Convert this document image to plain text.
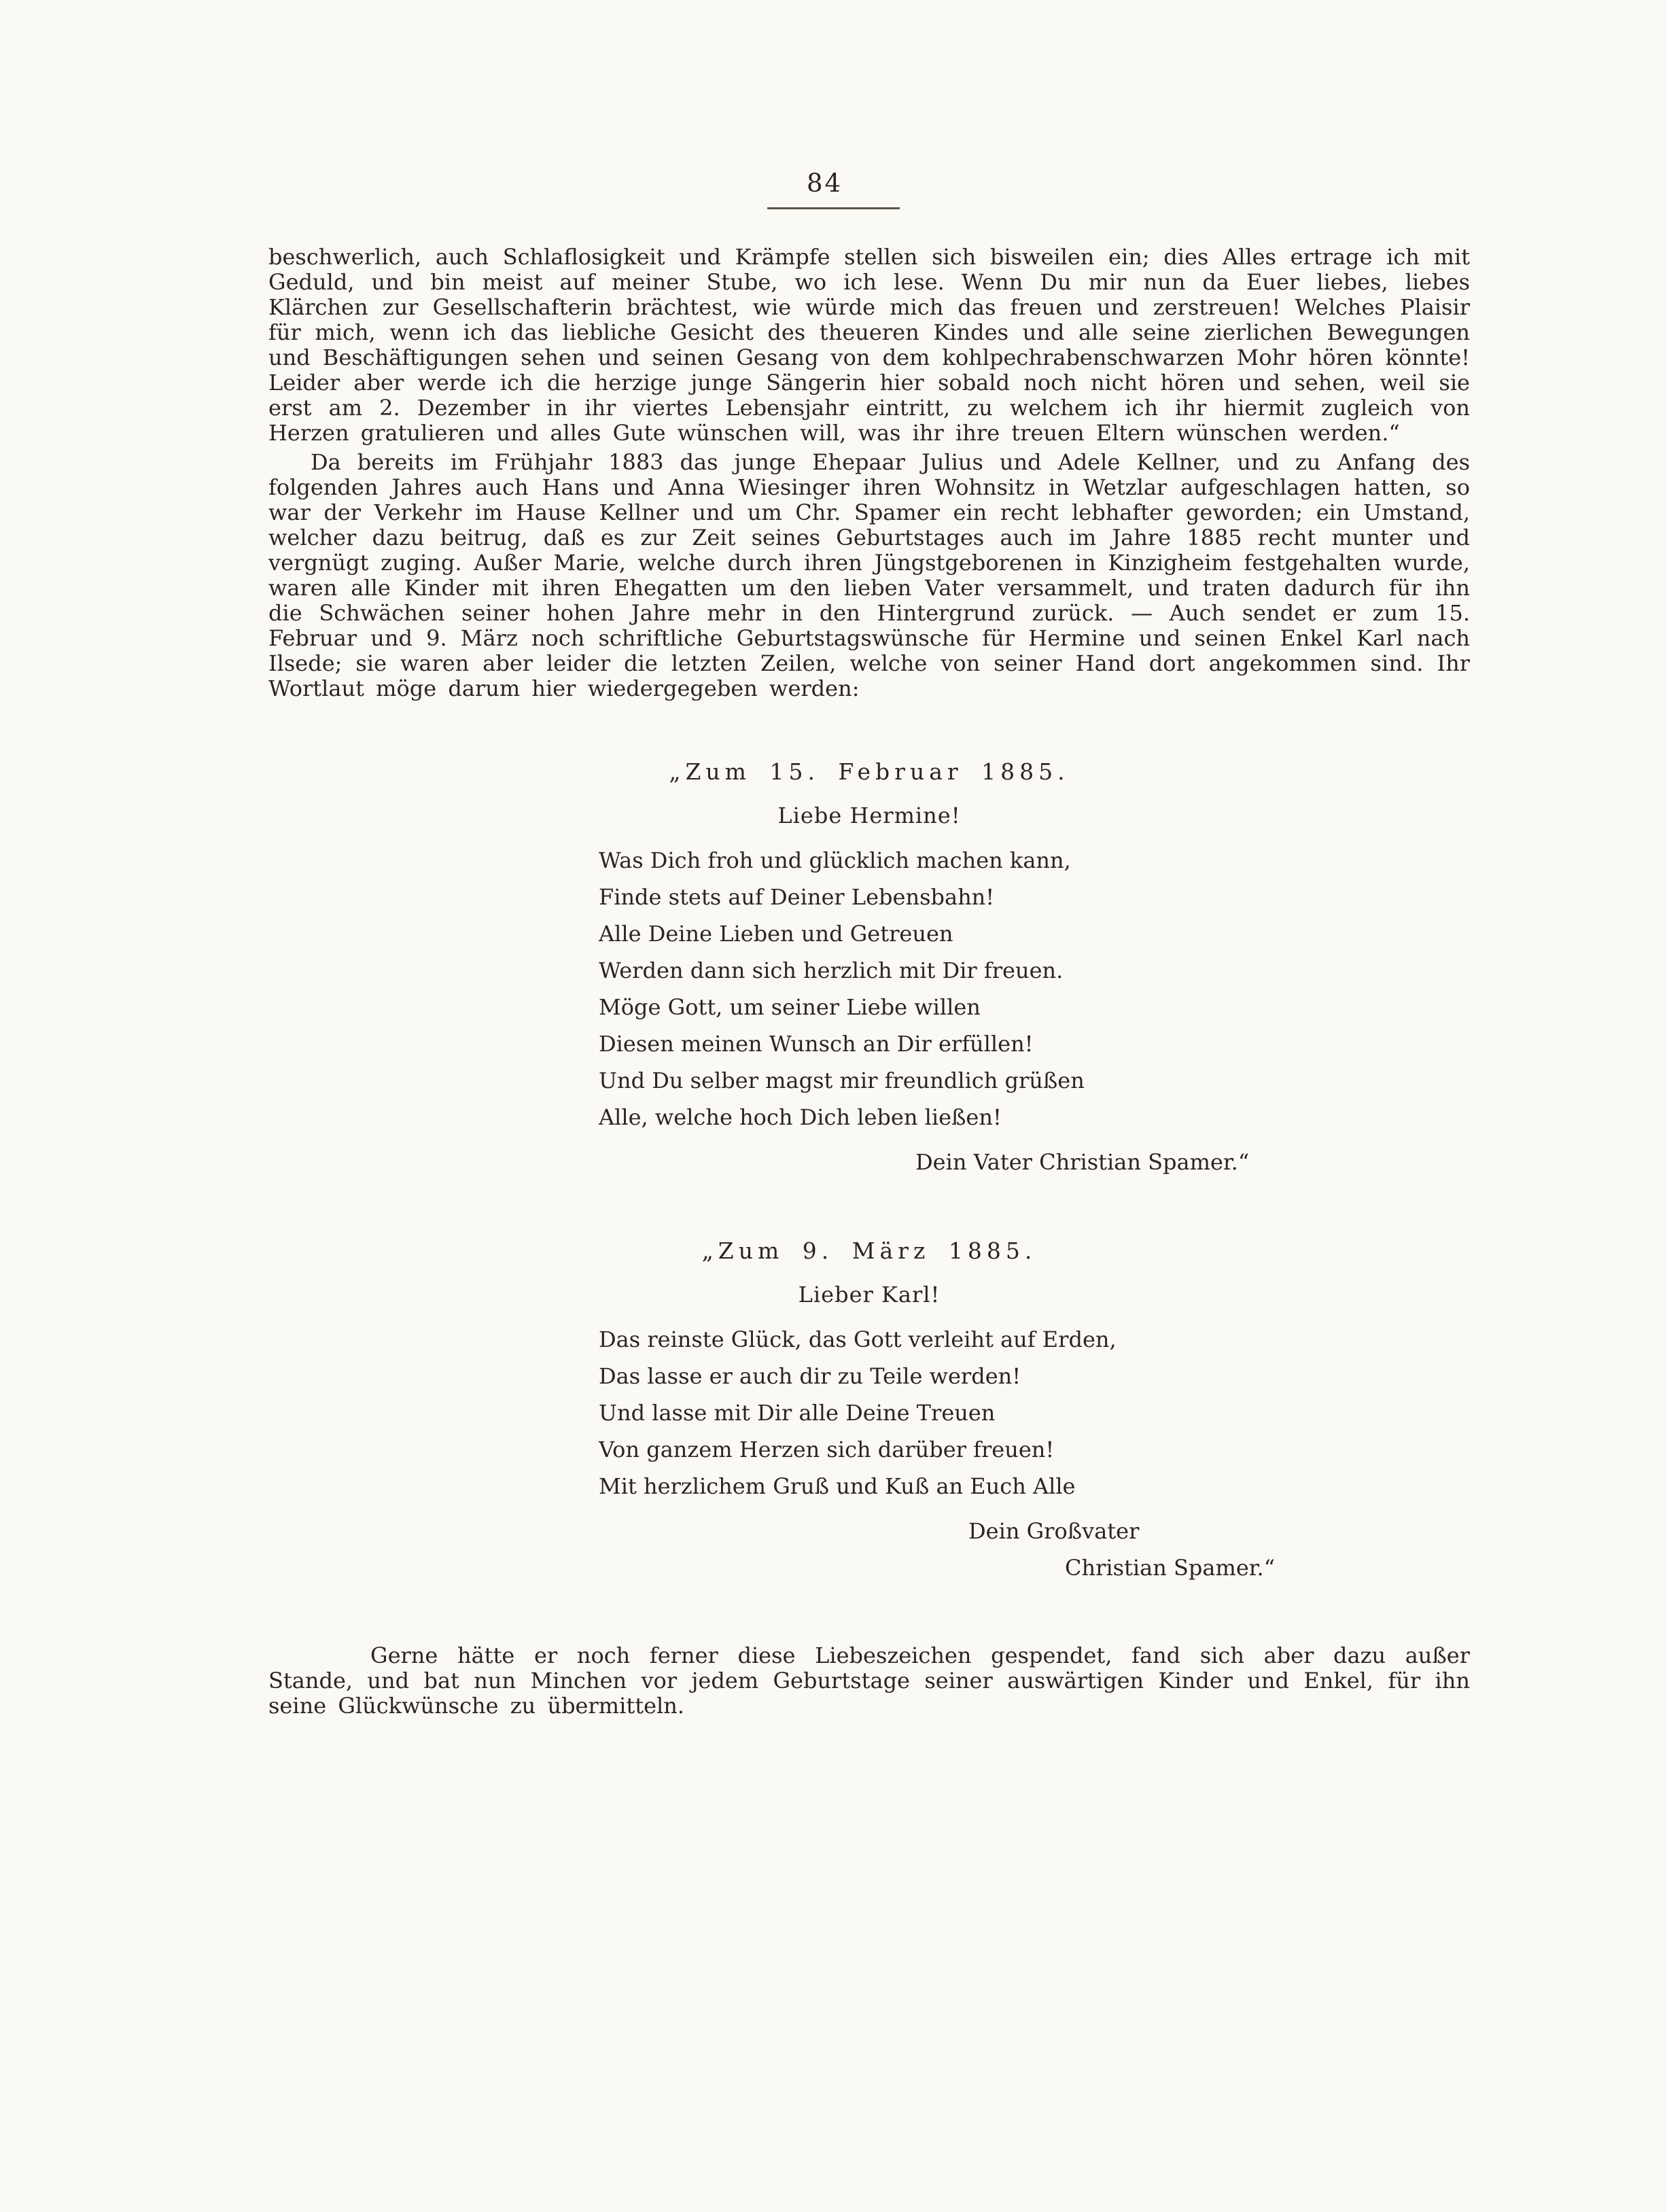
84

beschwerlich, auch Schlaflosigkeit und Krämpfe stellen sich bisweilen ein; dies Alles ertrage ich mit Geduld, und bin meist auf meiner Stube, wo ich lese. Wenn Du mir nun da Euer liebes, liebes Klärchen zur Gesellschafterin brächtest, wie würde mich das freuen und zerstreuen! Welches Plaisir für mich, wenn ich das liebliche Gesicht des theueren Kindes und alle seine zierlichen Bewegungen und Beschäftigungen sehen und seinen Gesang von dem kohlpechrabenschwarzen Mohr hören könnte! Leider aber werde ich die herzige junge Sängerin hier sobald noch nicht hören und sehen, weil sie erst am 2. Dezember in ihr viertes Lebensjahr eintritt, zu welchem ich ihr hiermit zugleich von Herzen gratulieren und alles Gute wünschen will, was ihr ihre treuen Eltern wünschen werden.“

Da bereits im Frühjahr 1883 das junge Ehepaar Julius und Adele Kellner, und zu Anfang des folgenden Jahres auch Hans und Anna Wiesinger ihren Wohnsitz in Wetzlar aufgeschlagen hatten, so war der Verkehr im Hause Kellner und um Chr. Spamer ein recht lebhafter geworden; ein Umstand, welcher dazu beitrug, daß es zur Zeit seines Geburtstages auch im Jahre 1885 recht munter und vergnügt zuging. Außer Marie, welche durch ihren Jüngstgeborenen in Kinzigheim festgehalten wurde, waren alle Kinder mit ihren Ehegatten um den lieben Vater versammelt, und traten dadurch für ihn die Schwächen seiner hohen Jahre mehr in den Hintergrund zurück. — Auch sendet er zum 15. Februar und 9. März noch schriftliche Geburtstagswünsche für Hermine und seinen Enkel Karl nach Ilsede; sie waren aber leider die letzten Zeilen, welche von seiner Hand dort angekommen sind. Ihr Wortlaut möge darum hier wiedergegeben werden:

„Zum 15. Februar 1885.
Liebe Hermine!
Was Dich froh und glücklich machen kann,
Finde stets auf Deiner Lebensbahn!
Alle Deine Lieben und Getreuen
Werden dann sich herzlich mit Dir freuen.
Möge Gott, um seiner Liebe willen
Diesen meinen Wunsch an Dir erfüllen!
Und Du selber magst mir freundlich grüßen
Alle, welche hoch Dich leben ließen!
Dein Vater Christian Spamer.“
„Zum 9. März 1885.
Lieber Karl!
Das reinste Glück, das Gott verleiht auf Erden,
Das lasse er auch dir zu Teile werden!
Und lasse mit Dir alle Deine Treuen
Von ganzem Herzen sich darüber freuen!
Mit herzlichem Gruß und Kuß an Euch Alle
Dein Großvater
Christian Spamer.“

Gerne hätte er noch ferner diese Liebeszeichen gespendet, fand sich aber dazu außer Stande, und bat nun Minchen vor jedem Geburtstage seiner auswärtigen Kinder und Enkel, für ihn seine Glückwünsche zu übermitteln.
